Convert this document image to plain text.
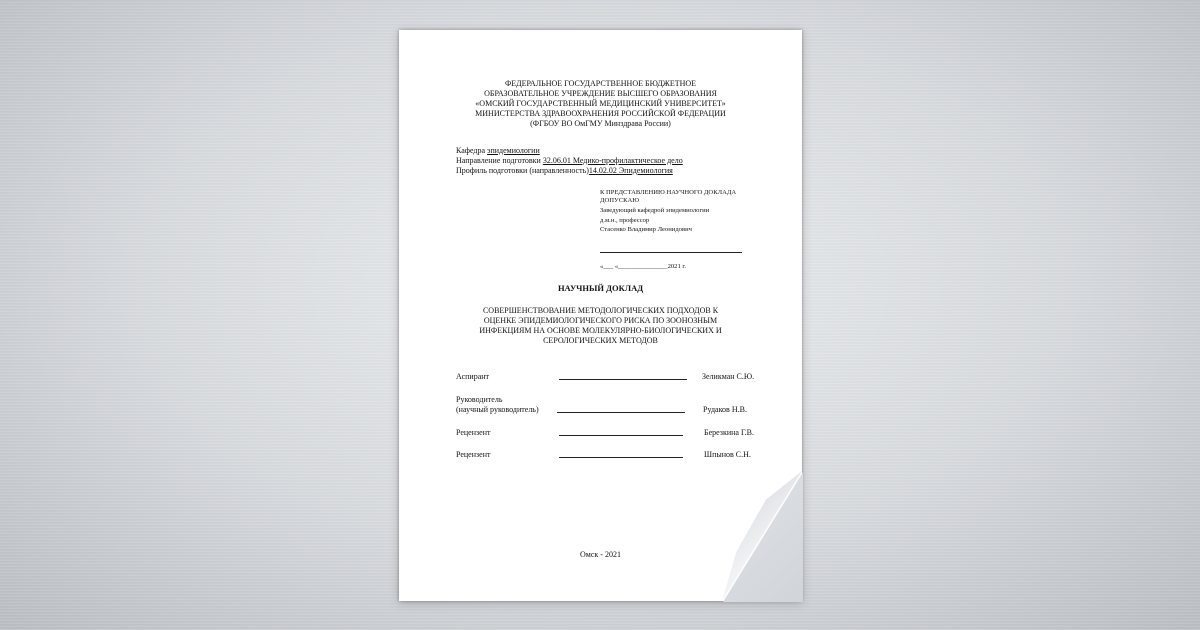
ФЕДЕРАЛЬНОЕ ГОСУДАРСТВЕННОЕ БЮДЖЕТНОЕ
ОБРАЗОВАТЕЛЬНОЕ УЧРЕЖДЕНИЕ ВЫСШЕГО ОБРАЗОВАНИЯ
«ОМСКИЙ ГОСУДАРСТВЕННЫЙ МЕДИЦИНСКИЙ УНИВЕРСИТЕТ»
МИНИСТЕРСТВА ЗДРАВООХРАНЕНИЯ РОССИЙСКОЙ ФЕДЕРАЦИИ
(ФГБОУ ВО ОмГМУ Минздрава России)
Кафедра эпидемиологии
Направление подготовки 32.06.01 Медико-профилактическое дело
Профиль подготовки (направленность)14.02.02 Эпидемиология
К ПРЕДСТАВЛЕНИЮ НАУЧНОГО ДОКЛАДА
ДОПУСКАЮ
Заведующий кафедрой эпидемиологии
д.м.н., профессор
Стасенко Владимир Леонидович
«___ «_______________2021 г.
НАУЧНЫЙ ДОКЛАД
СОВЕРШЕНСТВОВАНИЕ МЕТОДОЛОГИЧЕСКИХ ПОДХОДОВ К
ОЦЕНКЕ ЭПИДЕМИОЛОГИЧЕСКОГО РИСКА ПО ЗООНОЗНЫМ
ИНФЕКЦИЯМ НА ОСНОВЕ МОЛЕКУЛЯРНО-БИОЛОГИЧЕСКИХ И
СЕРОЛОГИЧЕСКИХ МЕТОДОВ
Аспирант	Зеликман С.Ю.
Руководитель
(научный руководитель)	Рудаков Н.В.
Рецензент	Березкина Г.В.
Рецензент	Шпынов С.Н.
Омск - 2021
